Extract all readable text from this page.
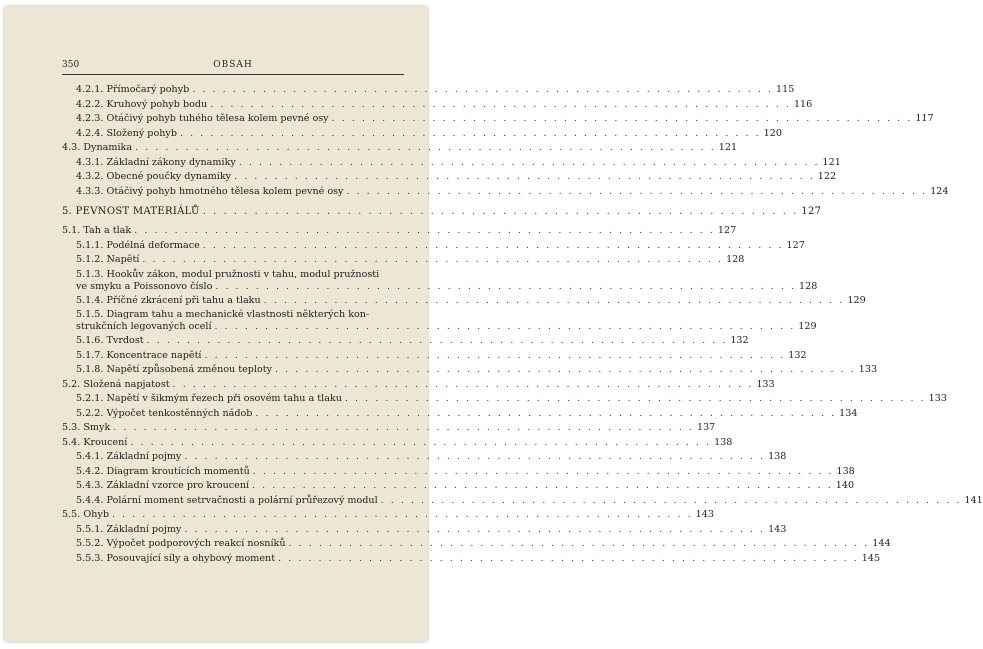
350	OBSAH
4.2.1. Přímočarý pohyb . . . . . . . . . . . . . . . . . . . . . . . . . . . . . . . . . . . . . . . . . . . . . . . . . . . . . . . . . . 115
4.2.2. Kruhový pohyb bodu . . . . . . . . . . . . . . . . . . . . . . . . . . . . . . . . . . . . . . . . . . . . . . . . . . . . . . . . . . 116
4.2.3. Otáčivý pohyb tuhého tělesa kolem pevné osy . . . . . . . . . . . . . . . . . . . . . . . . . . . . . . . . . . . . . . . . . . . . . . . . . . . . . . . . . . 117
4.2.4. Složený pohyb . . . . . . . . . . . . . . . . . . . . . . . . . . . . . . . . . . . . . . . . . . . . . . . . . . . . . . . . . . 120
4.3. Dynamika . . . . . . . . . . . . . . . . . . . . . . . . . . . . . . . . . . . . . . . . . . . . . . . . . . . . . . . . . . 121
4.3.1. Základní zákony dynamiky . . . . . . . . . . . . . . . . . . . . . . . . . . . . . . . . . . . . . . . . . . . . . . . . . . . . . . . . . . 121
4.3.2. Obecné poučky dynamiky . . . . . . . . . . . . . . . . . . . . . . . . . . . . . . . . . . . . . . . . . . . . . . . . . . . . . . . . . . 122
4.3.3. Otáčivý pohyb hmotného tělesa kolem pevné osy . . . . . . . . . . . . . . . . . . . . . . . . . . . . . . . . . . . . . . . . . . . . . . . . . . . . . . . . . . 124
5. PEVNOST MATERIÁLŮ . . . . . . . . . . . . . . . . . . . . . . . . . . . . . . . . . . . . . . . . . . . . . . . . . . . . . . . . . . 127
5.1. Tah a tlak . . . . . . . . . . . . . . . . . . . . . . . . . . . . . . . . . . . . . . . . . . . . . . . . . . . . . . . . . . 127
5.1.1. Podélná deformace . . . . . . . . . . . . . . . . . . . . . . . . . . . . . . . . . . . . . . . . . . . . . . . . . . . . . . . . . . 127
5.1.2. Napětí . . . . . . . . . . . . . . . . . . . . . . . . . . . . . . . . . . . . . . . . . . . . . . . . . . . . . . . . . . 128
5.1.3. Hookův zákon, modul pružnosti v tahu, modul pružnosti
ve smyku a Poissonovo číslo . . . . . . . . . . . . . . . . . . . . . . . . . . . . . . . . . . . . . . . . . . . . . . . . . . . . . . . . . . 128
5.1.4. Příčné zkrácení při tahu a tlaku . . . . . . . . . . . . . . . . . . . . . . . . . . . . . . . . . . . . . . . . . . . . . . . . . . . . . . . . . . 129
5.1.5. Diagram tahu a mechanické vlastnosti některých kon-
strukčních legovaných ocelí . . . . . . . . . . . . . . . . . . . . . . . . . . . . . . . . . . . . . . . . . . . . . . . . . . . . . . . . . . 129
5.1.6. Tvrdost . . . . . . . . . . . . . . . . . . . . . . . . . . . . . . . . . . . . . . . . . . . . . . . . . . . . . . . . . . 132
5.1.7. Koncentrace napětí . . . . . . . . . . . . . . . . . . . . . . . . . . . . . . . . . . . . . . . . . . . . . . . . . . . . . . . . . . 132
5.1.8. Napětí způsobená změnou teploty . . . . . . . . . . . . . . . . . . . . . . . . . . . . . . . . . . . . . . . . . . . . . . . . . . . . . . . . . . 133
5.2. Složená napjatost . . . . . . . . . . . . . . . . . . . . . . . . . . . . . . . . . . . . . . . . . . . . . . . . . . . . . . . . . . 133
5.2.1. Napětí v šikmým řezech při osovém tahu a tlaku . . . . . . . . . . . . . . . . . . . . . . . . . . . . . . . . . . . . . . . . . . . . . . . . . . . . . . . . . . 133
5.2.2. Výpočet tenkostěnných nádob . . . . . . . . . . . . . . . . . . . . . . . . . . . . . . . . . . . . . . . . . . . . . . . . . . . . . . . . . . 134
5.3. Smyk . . . . . . . . . . . . . . . . . . . . . . . . . . . . . . . . . . . . . . . . . . . . . . . . . . . . . . . . . . 137
5.4. Kroucení . . . . . . . . . . . . . . . . . . . . . . . . . . . . . . . . . . . . . . . . . . . . . . . . . . . . . . . . . . 138
5.4.1. Základní pojmy . . . . . . . . . . . . . . . . . . . . . . . . . . . . . . . . . . . . . . . . . . . . . . . . . . . . . . . . . . 138
5.4.2. Diagram kroutících momentů . . . . . . . . . . . . . . . . . . . . . . . . . . . . . . . . . . . . . . . . . . . . . . . . . . . . . . . . . . 138
5.4.3. Základní vzorce pro kroucení . . . . . . . . . . . . . . . . . . . . . . . . . . . . . . . . . . . . . . . . . . . . . . . . . . . . . . . . . . 140
5.4.4. Polární moment setrvačnosti a polární průřezový modul . . . . . . . . . . . . . . . . . . . . . . . . . . . . . . . . . . . . . . . . . . . . . . . . . . . . . . . . . . 141
5.5. Ohyb . . . . . . . . . . . . . . . . . . . . . . . . . . . . . . . . . . . . . . . . . . . . . . . . . . . . . . . . . . 143
5.5.1. Základní pojmy . . . . . . . . . . . . . . . . . . . . . . . . . . . . . . . . . . . . . . . . . . . . . . . . . . . . . . . . . . 143
5.5.2. Výpočet podporových reakcí nosníků . . . . . . . . . . . . . . . . . . . . . . . . . . . . . . . . . . . . . . . . . . . . . . . . . . . . . . . . . . 144
5.5.3. Posouvající síly a ohybový moment . . . . . . . . . . . . . . . . . . . . . . . . . . . . . . . . . . . . . . . . . . . . . . . . . . . . . . . . . . 145
